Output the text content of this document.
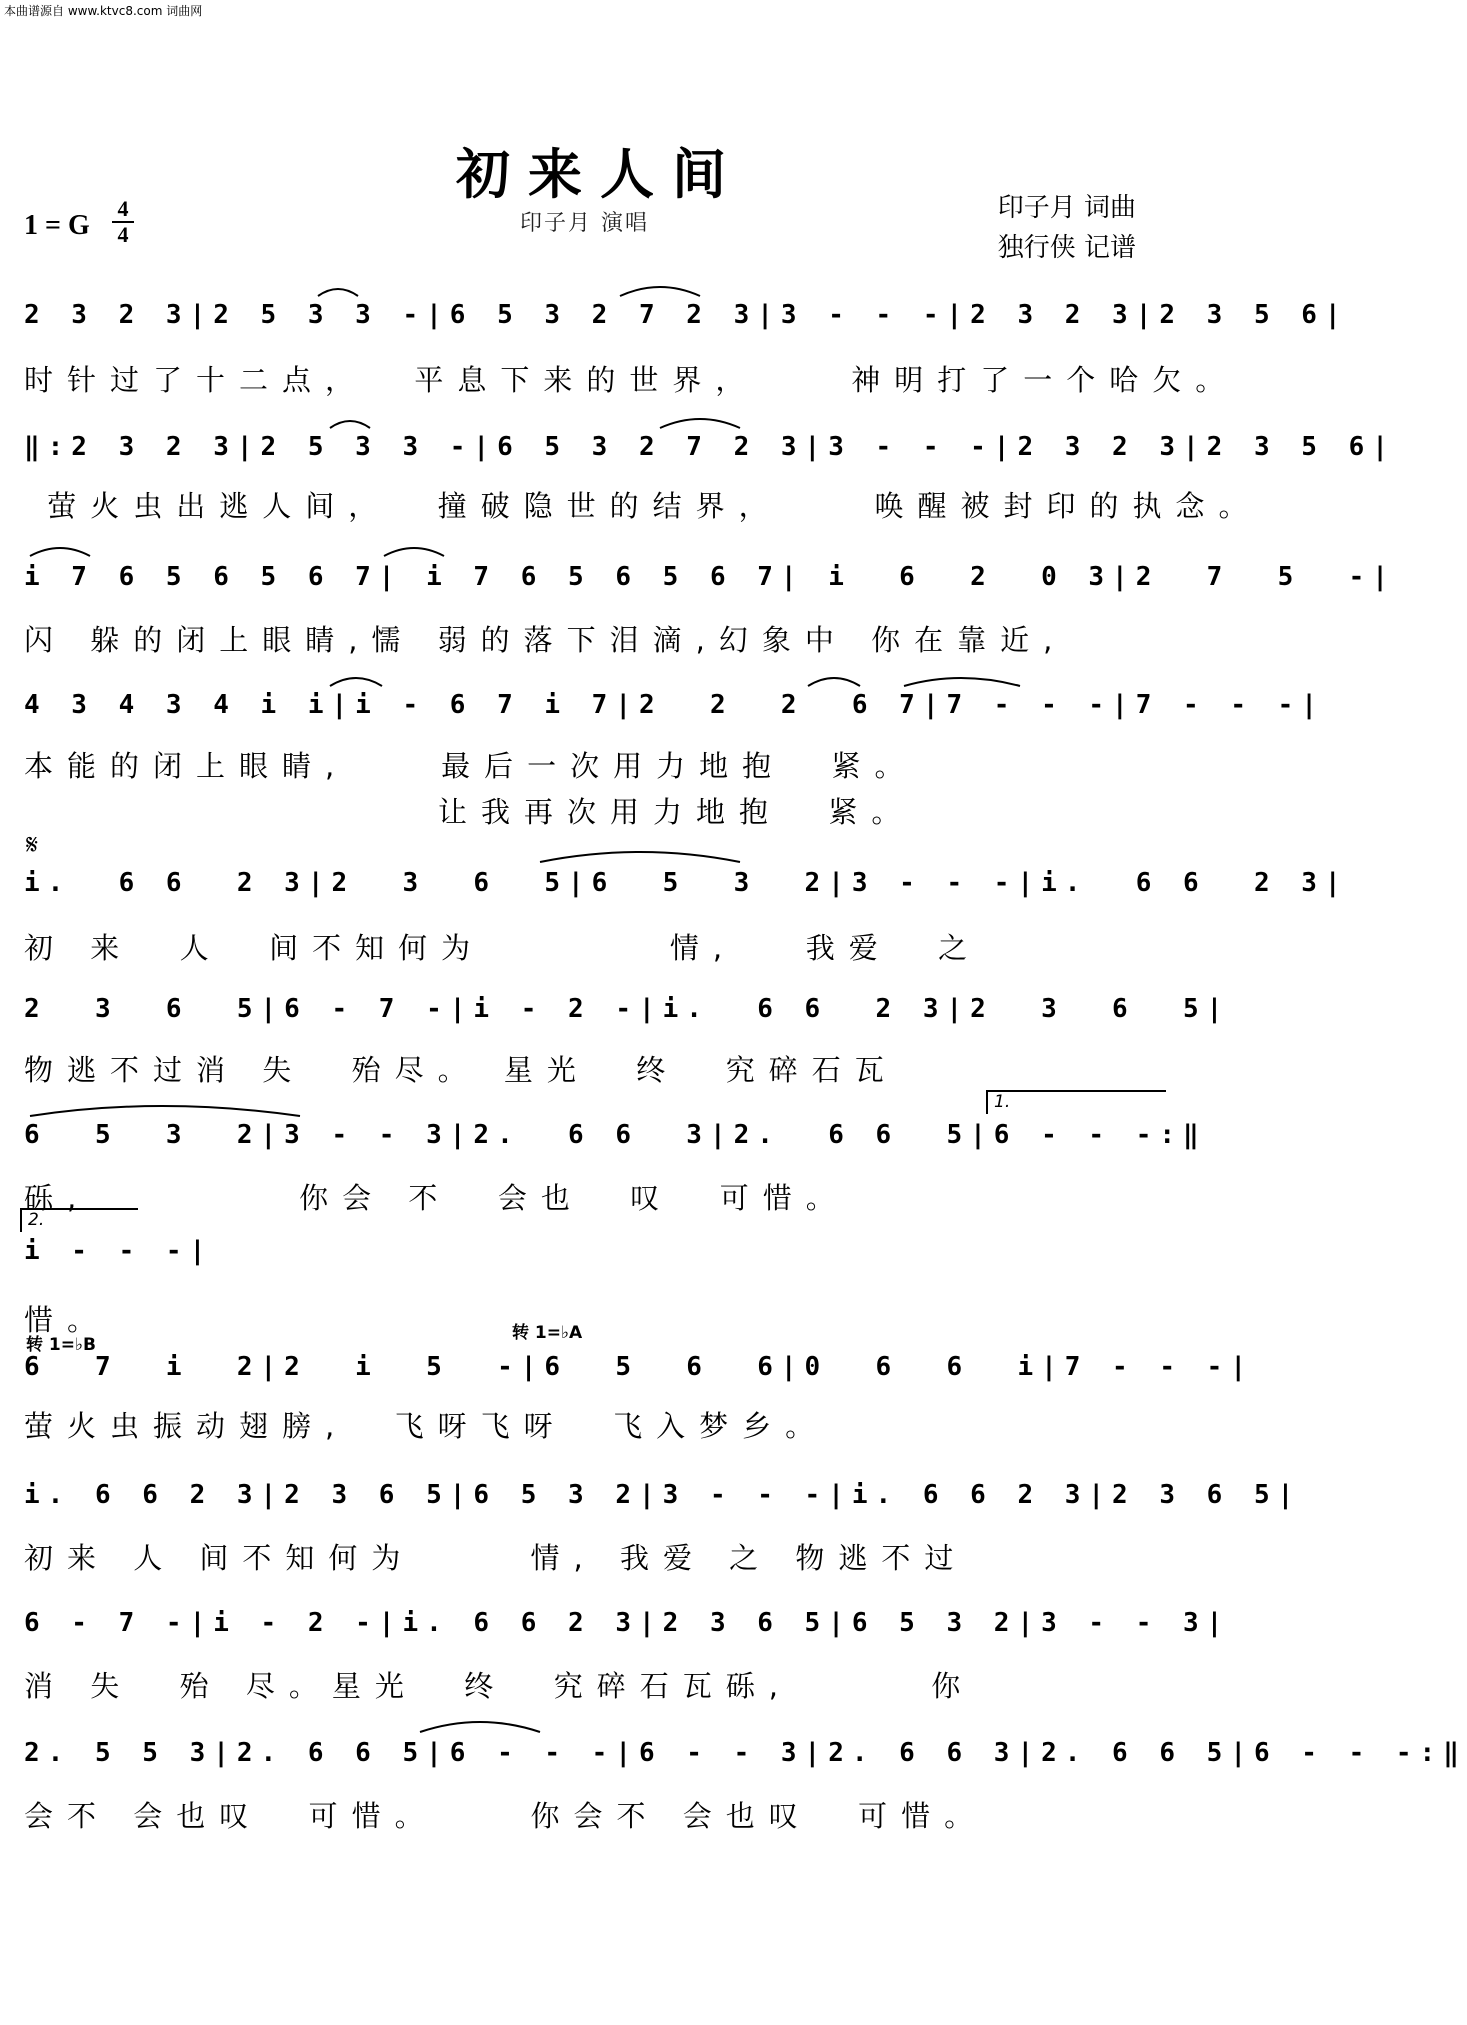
本曲谱源自 www.ktvc8.com 词曲网
初来人间
1 = G
4
4	印子月 演唱
印子月 词曲
独行侠 记谱
2 3 2 3|2 5 3 3 -|6 5 3 2 7 2 3|3 - - -|2 3 2 3|2 3 5 6|
时针过了十二点，  平息下来的世界，    神明打了一个哈欠。
‖:2 3 2 3|2 5 3 3 -|6 5 3 2 7 2 3|3 - - -|2 3 2 3|2 3 5 6|
萤火虫出逃人间，  撞破隐世的结界，    唤醒被封印的执念。
i 7 6 5 6 5 6 7| i 7 6 5 6 5 6 7| i  6  2  0 3|2  7  5  -|
闪 躲的闭上眼睛,懦 弱的落下泪滴,幻象中 你在靠近,
4 3 4 3 4 i i|i - 6 7 i 7|2  2  2  6 7|7 - - -|7 - - -|
本能的闭上眼睛,    最后一次用力地抱  紧。
让我再次用力地抱  紧。
𝄋
i.  6 6  2 3|2  3  6  5|6  5  3  2|3 - - -|i.  6 6  2 3|
初 来  人  间不知何为        情,   我爱  之
2  3  6  5|6 - 7 -|i - 2 -|i.  6 6  2 3|2  3  6  5|
物逃不过消 失  殆尽。 星光  终  究碎石瓦
1.
6  5  3  2|3 - - 3|2.  6 6  3|2.  6 6  5|6 - - -:‖
砾,         你会 不  会也  叹  可惜。
2.
i - - -|
惜。
转 1=♭B
转 1=♭A
6  7  i  2|2  i  5  -|6  5  6  6|0  6  6  i|7 - - -|
萤火虫振动翅膀,  飞呀飞呀  飞入梦乡。
i. 6 6 2 3|2 3 6 5|6 5 3 2|3 - - -|i. 6 6 2 3|2 3 6 5|
初来 人 间不知何为     情, 我爱 之 物逃不过
6 - 7 -|i - 2 -|i. 6 6 2 3|2 3 6 5|6 5 3 2|3 - - 3|
消 失  殆 尽。星光  终  究碎石瓦砾,      你
2. 5 5 3|2. 6 6 5|6 - - -|6 - - 3|2. 6 6 3|2. 6 6 5|6 - - -:‖
会不 会也叹  可惜。    你会不 会也叹  可惜。
